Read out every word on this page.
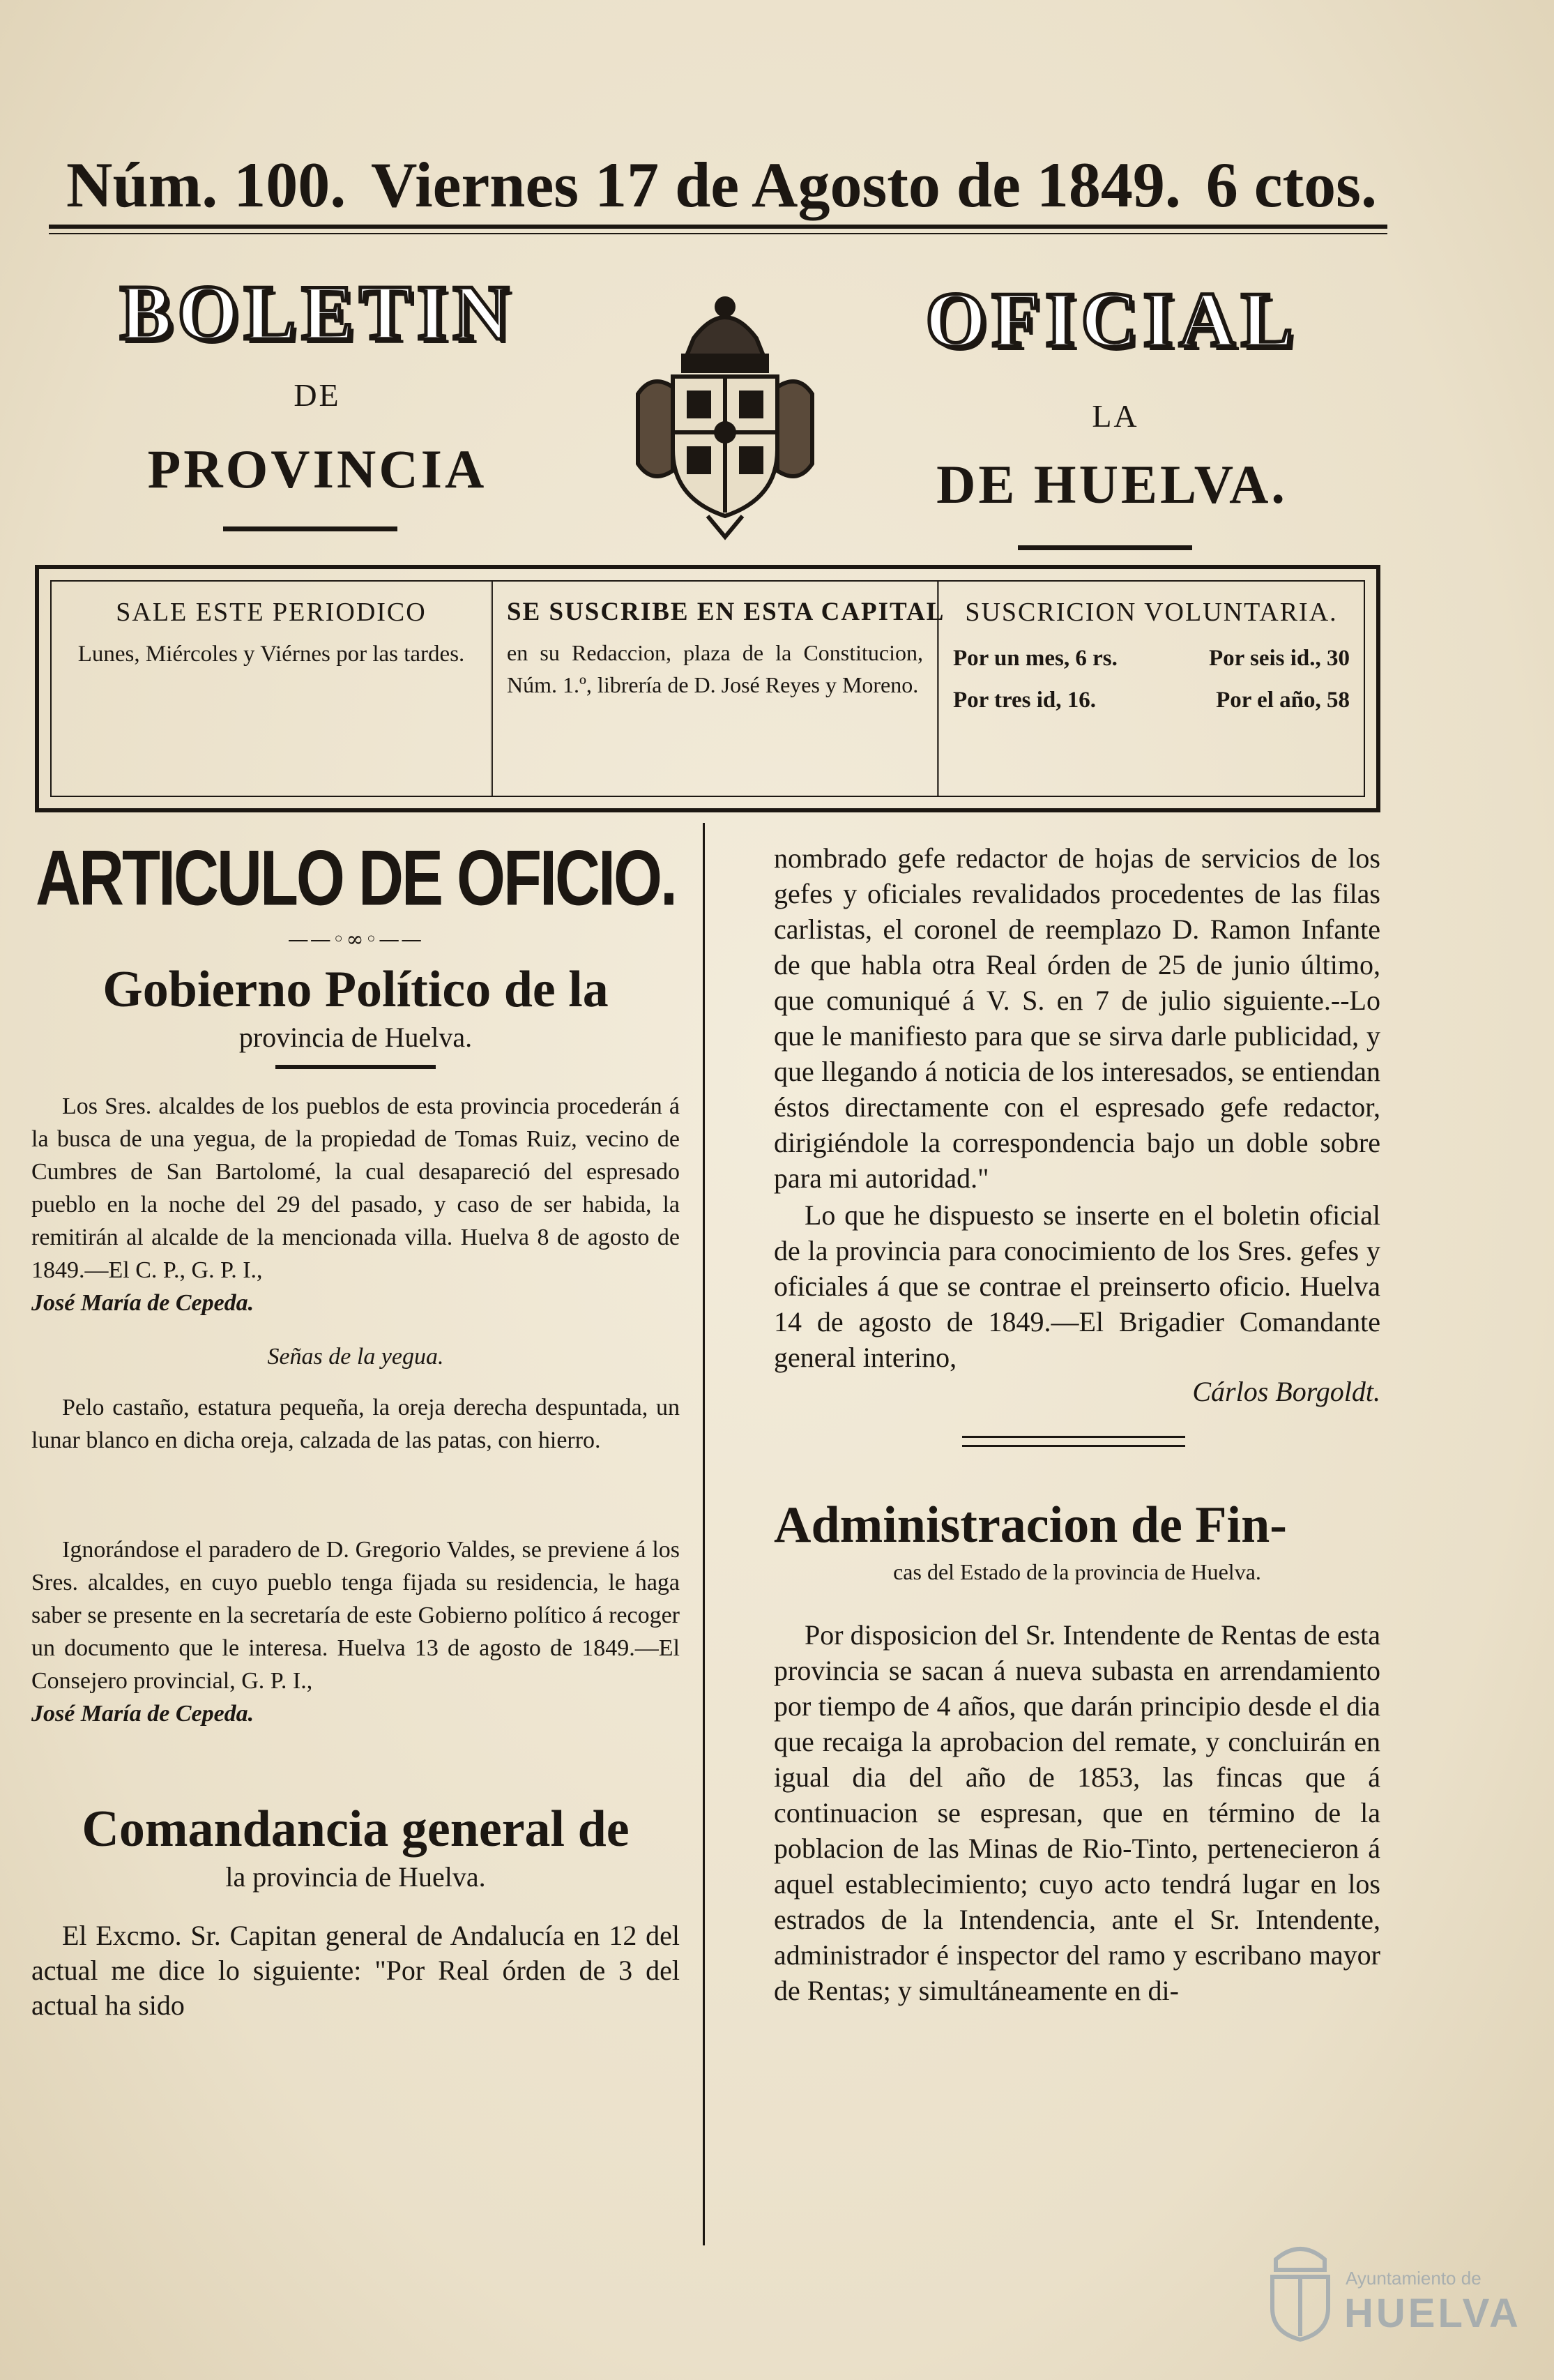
Núm. 100. Viernes 17 de Agosto de 1849. 6 ctos.
BOLETIN
DE
PROVINCIA
OFICIAL
LA
DE HUELVA.
SALE ESTE PERIODICO
Lunes, Miércoles y Viérnes por las tardes.
SE SUSCRIBE EN ESTA CAPITAL
en su Redaccion, plaza de la Constitucion, Núm. 1.º, librería de D. José Reyes y Moreno.
SUSCRICION VOLUNTARIA.
Por un mes, 6 rs.	Por seis id., 30
Por tres id, 16.	Por el año, 58
ARTICULO DE OFICIO.
——◦∞◦——
Gobierno Político de la
provincia de Huelva.

Los Sres. alcaldes de los pueblos de esta provincia procederán á la busca de una yegua, de la propiedad de Tomas Ruiz, vecino de Cumbres de San Bartolomé, la cual desapareció del espresado pueblo en la noche del 29 del pasado, y caso de ser habida, la remitirán al alcalde de la mencionada villa. Huelva 8 de agosto de 1849.—El C. P., G. P. I.,

José María de Cepeda.

Señas de la yegua.

Pelo castaño, estatura pequeña, la oreja derecha despuntada, un lunar blanco en dicha oreja, calzada de las patas, con hierro.

Ignorándose el paradero de D. Gregorio Valdes, se previene á los Sres. alcaldes, en cuyo pueblo tenga fijada su residencia, le haga saber se presente en la secretaría de este Gobierno político á recoger un documento que le interesa. Huelva 13 de agosto de 1849.—El Consejero provincial, G. P. I.,

José María de Cepeda.

Comandancia general de
la provincia de Huelva.

El Excmo. Sr. Capitan general de Andalucía en 12 del actual me dice lo siguiente: "Por Real órden de 3 del actual ha sido

nombrado gefe redactor de hojas de servicios de los gefes y oficiales revalidados procedentes de las filas carlistas, el coronel de reemplazo D. Ramon Infante de que habla otra Real órden de 25 de junio último, que comuniqué á V. S. en 7 de julio siguiente.--Lo que le manifiesto para que se sirva darle publicidad, y que llegando á noticia de los interesados, se entiendan éstos directamente con el espresado gefe redactor, dirigiéndole la correspondencia bajo un doble sobre para mi autoridad."

Lo que he dispuesto se inserte en el boletin oficial de la provincia para conocimiento de los Sres. gefes y oficiales á que se contrae el preinserto oficio. Huelva 14 de agosto de 1849.—El Brigadier Comandante general interino,

Cárlos Borgoldt.

Administracion de Fin-
cas del Estado de la provincia de Huelva.

Por disposicion del Sr. Intendente de Rentas de esta provincia se sacan á nueva subasta en arrendamiento por tiempo de 4 años, que darán principio desde el dia que recaiga la aprobacion del remate, y concluirán en igual dia del año de 1853, las fincas que á continuacion se espresan, que en término de la poblacion de las Minas de Rio-Tinto, pertenecieron á aquel establecimiento; cuyo acto tendrá lugar en los estrados de la Intendencia, ante el Sr. Intendente, administrador é inspector del ramo y escribano mayor de Rentas; y simultáneamente en di-

Ayuntamiento de
HUELVA
